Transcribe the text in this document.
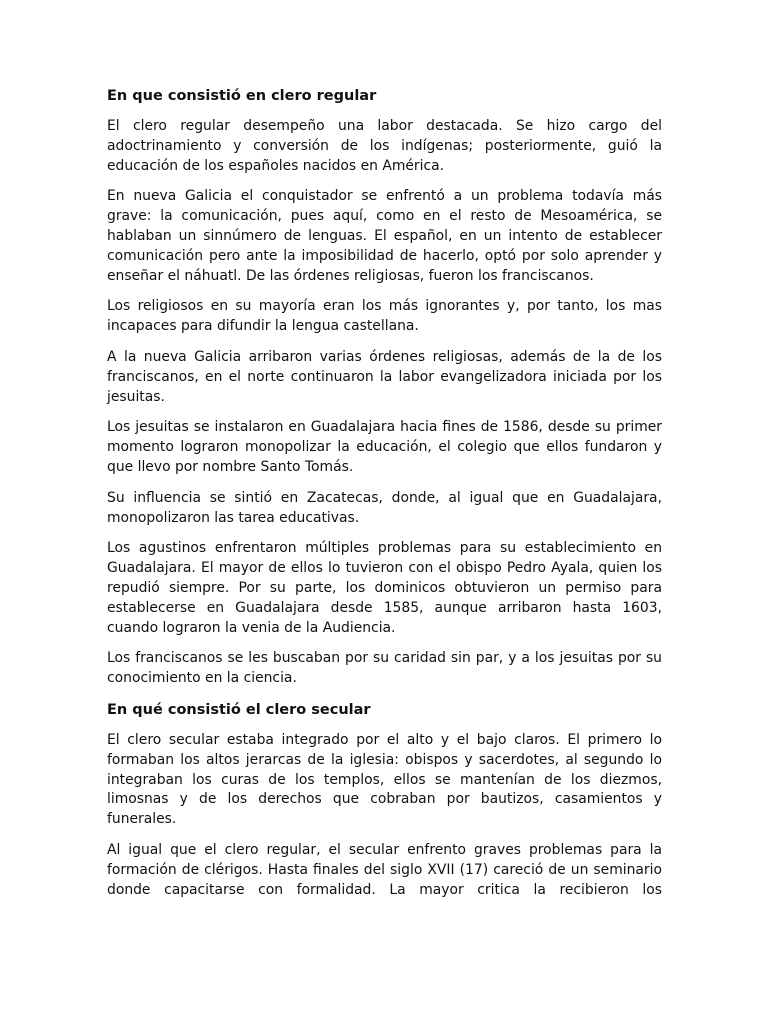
En que consistió en clero regular

El clero regular desempeño una labor destacada. Se hizo cargo del adoctrinamiento y conversión de los indígenas; posteriormente, guió la educación de los españoles nacidos en América.

En nueva Galicia el conquistador se enfrentó a un problema todavía más grave: la comunicación, pues aquí, como en el resto de Mesoamérica, se hablaban un sinnúmero de lenguas. El español, en un intento de establecer comunicación pero ante la imposibilidad de hacerlo, optó por solo aprender y enseñar el náhuatl. De las órdenes religiosas, fueron los franciscanos.

Los religiosos en su mayoría eran los más ignorantes y, por tanto, los mas incapaces para difundir la lengua castellana.

A la nueva Galicia arribaron varias órdenes religiosas, además de la de los franciscanos, en el norte continuaron la labor evangelizadora iniciada por los jesuitas.

Los jesuitas se instalaron en Guadalajara hacia fines de 1586, desde su primer momento lograron monopolizar la educación, el colegio que ellos fundaron y que llevo por nombre Santo Tomás.

Su influencia se sintió en Zacatecas, donde, al igual que en Guadalajara, monopolizaron las tarea educativas.

Los agustinos enfrentaron múltiples problemas para su establecimiento en Guadalajara. El mayor de ellos lo tuvieron con el obispo Pedro Ayala, quien los repudió siempre. Por su parte, los dominicos obtuvieron un permiso para establecerse en Guadalajara desde 1585, aunque arribaron hasta 1603, cuando lograron la venia de la Audiencia.

Los franciscanos se les buscaban por su caridad sin par, y a los jesuitas por su conocimiento en la ciencia.

En qué consistió el clero secular

El clero secular estaba integrado por el alto y el bajo claros. El primero lo formaban los altos jerarcas de la iglesia: obispos y sacerdotes, al segundo lo integraban los curas de los templos, ellos se mantenían de los diezmos, limosnas y de los derechos que cobraban por bautizos, casamientos y funerales.

Al igual que el clero regular, el secular enfrento graves problemas para la formación de clérigos. Hasta finales del siglo XVII (17) careció de un seminario donde capacitarse con formalidad. La mayor critica la recibieron los
